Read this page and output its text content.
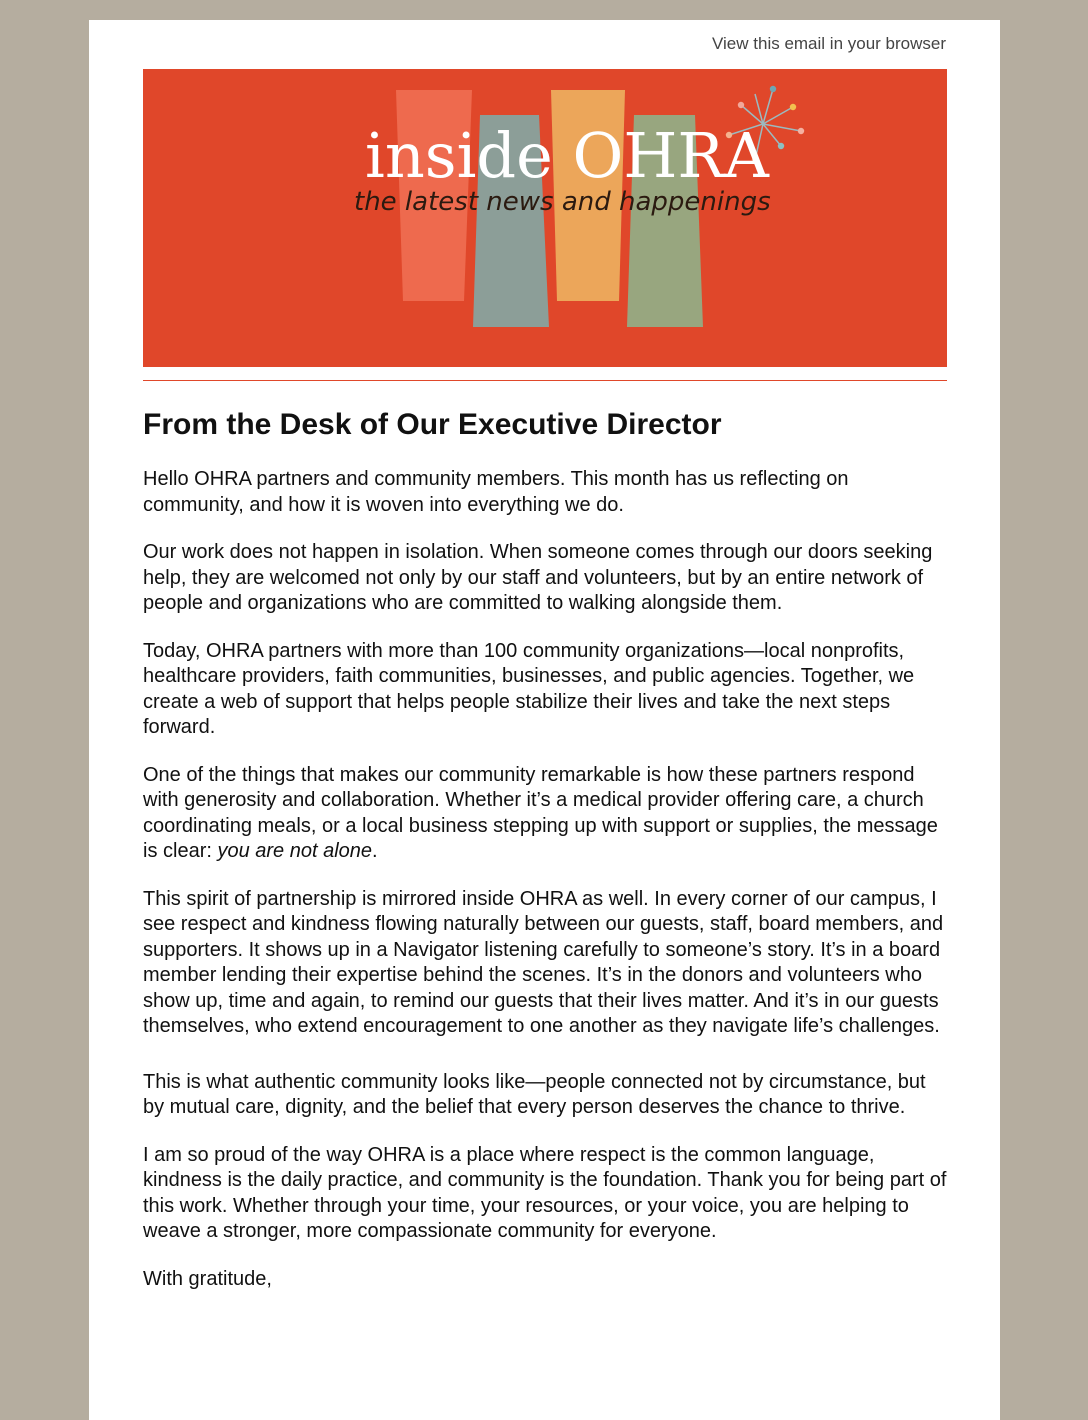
View this email in your browser
inside OHRA
the latest news and happenings
From the Desk of Our Executive Director

Hello OHRA partners and community members. This month has us reflecting on community, and how it is woven into everything we do.

Our work does not happen in isolation. When someone comes through our doors seeking help, they are welcomed not only by our staff and volunteers, but by an entire network of people and organizations who are committed to walking alongside them.

Today, OHRA partners with more than 100 community organizations—local nonprofits, healthcare providers, faith communities, businesses, and public agencies. Together, we create a web of support that helps people stabilize their lives and take the next steps forward.

One of the things that makes our community remarkable is how these partners respond with generosity and collaboration. Whether it’s a medical provider offering care, a church coordinating meals, or a local business stepping up with support or supplies, the message is clear: you are not alone.

This spirit of partnership is mirrored inside OHRA as well. In every corner of our campus, I see respect and kindness flowing naturally between our guests, staff, board members, and supporters. It shows up in a Navigator listening carefully to someone’s story. It’s in a board member lending their expertise behind the scenes. It’s in the donors and volunteers who show up, time and again, to remind our guests that their lives matter. And it’s in our guests themselves, who extend encouragement to one another as they navigate life’s challenges.

This is what authentic community looks like—people connected not by circumstance, but by mutual care, dignity, and the belief that every person deserves the chance to thrive.

I am so proud of the way OHRA is a place where respect is the common language, kindness is the daily practice, and community is the foundation. Thank you for being part of this work. Whether through your time, your resources, or your voice, you are helping to weave a stronger, more compassionate community for everyone.

With gratitude,
